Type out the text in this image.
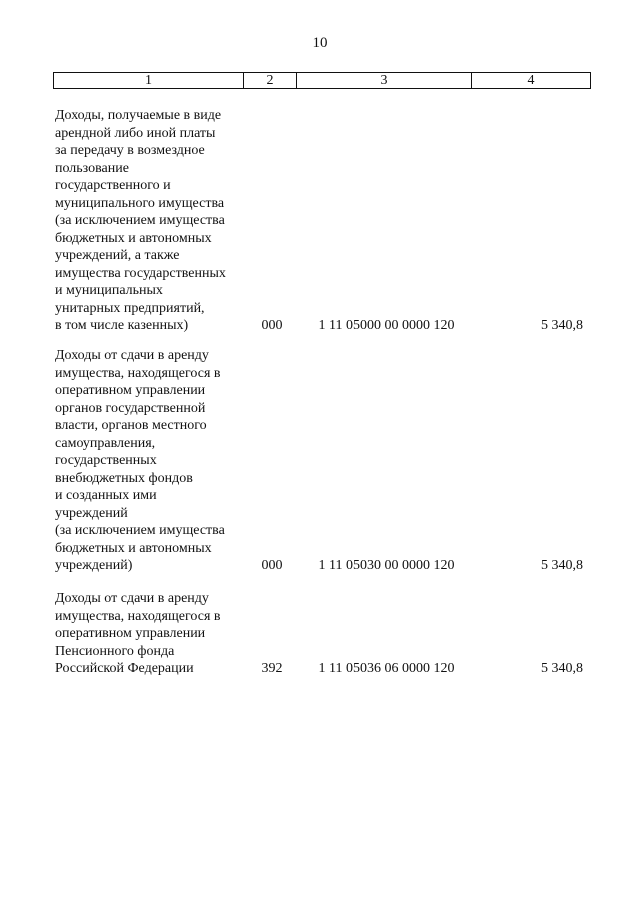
10
1	2	3	4
Доходы, получаемые в виде
арендной либо иной платы
за передачу в возмездное
пользование
государственного и
муниципального имущества
(за исключением имущества
бюджетных и автономных
учреждений, а также
имущества государственных
и муниципальных
унитарных предприятий,
в том числе казенных)	000	1 11 05000 00 0000 120	5 340,8
Доходы от сдачи в аренду
имущества, находящегося в
оперативном управлении
органов государственной
власти, органов местного
самоуправления,
государственных
внебюджетных фондов
и созданных ими
учреждений
(за исключением имущества
бюджетных и автономных
учреждений)	000	1 11 05030 00 0000 120	5 340,8
Доходы от сдачи в аренду
имущества, находящегося в
оперативном управлении
Пенсионного фонда
Российской Федерации	392	1 11 05036 06 0000 120	5 340,8
